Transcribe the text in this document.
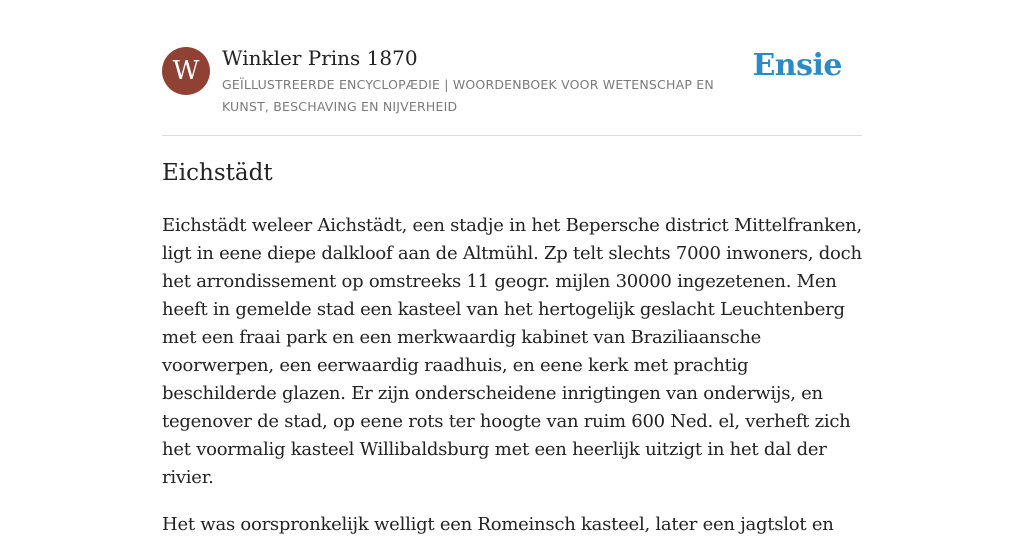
W	Winkler Prins 1870
GEÏLLUSTREERDE ENCYCLOPÆDIE | WOORDENBOEK VOOR WETENSCHAP EN KUNST, BESCHAVING EN NIJVERHEID
Ensie
Eichstädt

Eichstädt weleer Aichstädt, een stadje in het Bepersche district Mittelfranken, ligt in eene diepe dalkloof aan de Altmühl. Zp telt slechts 7000 inwoners, doch het arrondissement op omstreeks 11 geogr. mijlen 30000 ingezetenen. Men heeft in gemelde stad een kasteel van het hertogelijk geslacht Leuchtenberg met een fraai park en een merkwaardig kabinet van Braziliaansche voorwerpen, een eerwaardig raadhuis, en eene kerk met prachtig beschilderde glazen. Er zijn onderscheidene inrigtingen van onderwijs, en tegenover de stad, op eene rots ter hoogte van ruim 600 Ned. el, verheft zich het voormalig kasteel Willibaldsburg met een heerlijk uitzigt in het dal der rivier.

Het was oorspronkelijk welligt een Romeinsch kasteel, later een jagtslot en
